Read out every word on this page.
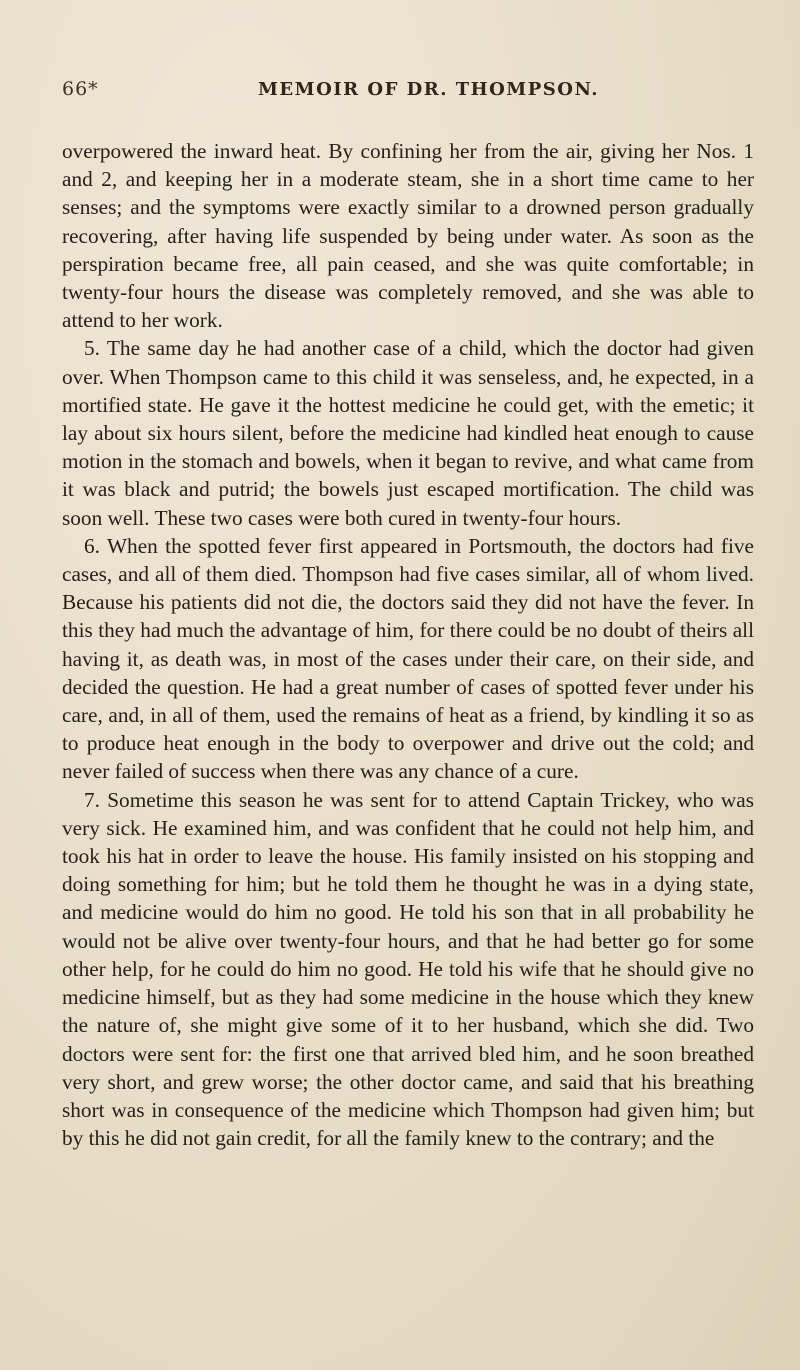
66*	MEMOIR OF DR. THOMPSON.

overpowered the inward heat. By confining her from the air, giving her Nos. 1 and 2, and keeping her in a moderate steam, she in a short time came to her senses; and the symptoms were exactly similar to a drowned person gradually recovering, after having life suspended by being under water. As soon as the perspiration became free, all pain ceased, and she was quite comfortable; in twenty-four hours the disease was completely removed, and she was able to attend to her work.

5. The same day he had another case of a child, which the doctor had given over. When Thompson came to this child it was senseless, and, he expected, in a mortified state. He gave it the hottest medicine he could get, with the emetic; it lay about six hours silent, before the medicine had kindled heat enough to cause motion in the stomach and bowels, when it began to revive, and what came from it was black and putrid; the bowels just escaped mortification. The child was soon well. These two cases were both cured in twenty-four hours.

6. When the spotted fever first appeared in Portsmouth, the doctors had five cases, and all of them died. Thompson had five cases similar, all of whom lived. Because his patients did not die, the doctors said they did not have the fever. In this they had much the advantage of him, for there could be no doubt of theirs all having it, as death was, in most of the cases under their care, on their side, and decided the question. He had a great number of cases of spotted fever under his care, and, in all of them, used the remains of heat as a friend, by kindling it so as to produce heat enough in the body to overpower and drive out the cold; and never failed of success when there was any chance of a cure.

7. Sometime this season he was sent for to attend Captain Trickey, who was very sick. He examined him, and was confident that he could not help him, and took his hat in order to leave the house. His family insisted on his stopping and doing something for him; but he told them he thought he was in a dying state, and medicine would do him no good. He told his son that in all probability he would not be alive over twenty-four hours, and that he had better go for some other help, for he could do him no good. He told his wife that he should give no medicine himself, but as they had some medicine in the house which they knew the nature of, she might give some of it to her husband, which she did. Two doctors were sent for: the first one that arrived bled him, and he soon breathed very short, and grew worse; the other doctor came, and said that his breathing short was in consequence of the medicine which Thompson had given him; but by this he did not gain credit, for all the family knew to the contrary; and the
